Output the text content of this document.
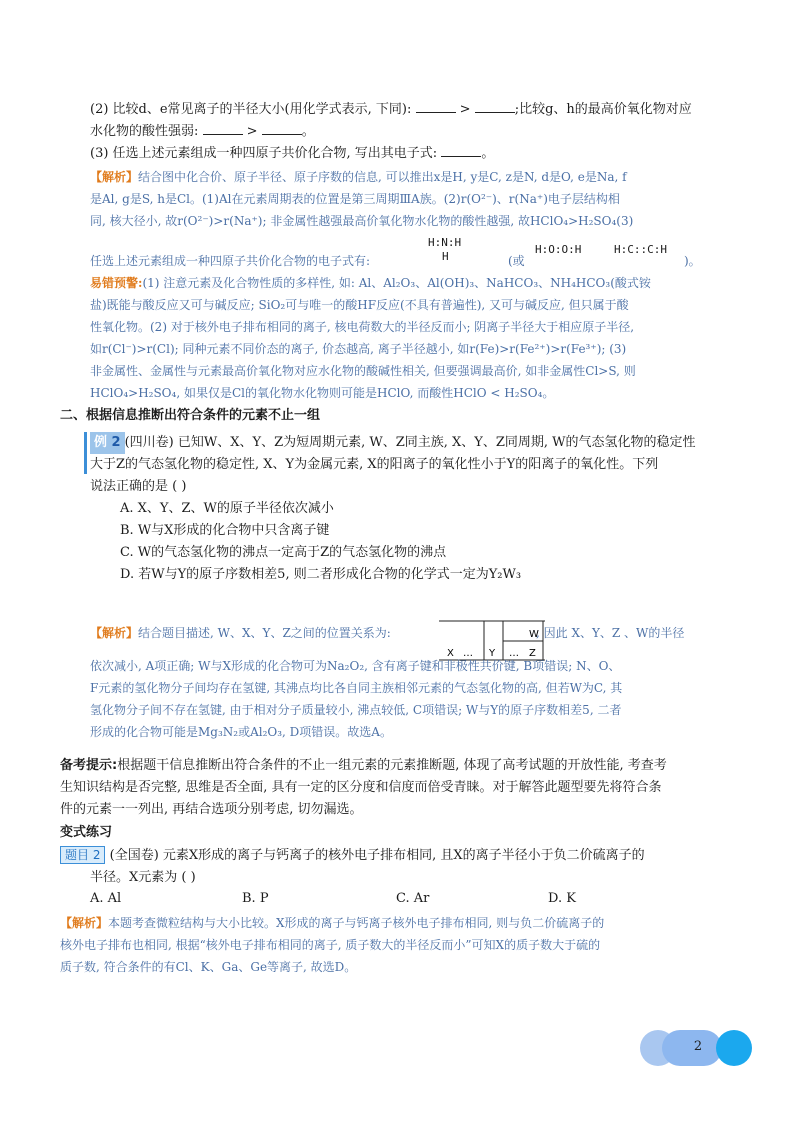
(2) 比较d、e常见离子的半径大小(用化学式表示, 下同):	>	;比较g、h的最高价氧化物对应

水化物的酸性强弱:	>	。

(3) 任选上述元素组成一种四原子共价化合物, 写出其电子式:	。

【解析】结合图中化合价、原子半径、原子序数的信息, 可以推出x是H, y是C, z是N, d是O, e是Na, f
是Al, g是S, h是Cl。(1)Al在元素周期表的位置是第三周期ⅢA族。(2)r(O²⁻)、r(Na⁺)电子层结构相
同, 核大径小, 故r(O²⁻)>r(Na⁺); 非金属性越强最高价氧化物水化物的酸性越强, 故HClO₄>H₂SO₄(3)
H:N:H
H
任选上述元素组成一种四原子共价化合物的电子式有:	(或
H:O:O:H	H:C::C:H
)。
易错预警:(1) 注意元素及化合物性质的多样性, 如: Al、Al₂O₃、Al(OH)₃、NaHCO₃、NH₄HCO₃(酸式铵
盐)既能与酸反应又可与碱反应; SiO₂可与唯一的酸HF反应(不具有普遍性), 又可与碱反应, 但只属于酸
性氧化物。(2) 对于核外电子排布相同的离子, 核电荷数大的半径反而小; 阴离子半径大于相应原子半径,
如r(Cl⁻)>r(Cl); 同种元素不同价态的离子, 价态越高, 离子半径越小, 如r(Fe)>r(Fe²⁺)>r(Fe³⁺); (3)
非金属性、金属性与元素最高价氧化物对应水化物的酸碱性相关, 但要强调最高价, 如非金属性Cl>S, 则
HClO₄>H₂SO₄, 如果仅是Cl的氧化物水化物则可能是HClO, 而酸性HClO < H₂SO₄。
二、根据信息推断出符合条件的元素不止一组
例 2 (四川卷) 已知W、X、Y、Z为短周期元素, W、Z同主族, X、Y、Z同周期, W的气态氢化物的稳定性
大于Z的气态氢化物的稳定性, X、Y为金属元素, X的阳离子的氧化性小于Y的阳离子的氧化性。下列
说法正确的是 ( )
A. X、Y、Z、W的原子半径依次减小
B. W与X形成的化合物中只含离子键
C. W的气态氢化物的沸点一定高于Z的气态氢化物的沸点
D. 若W与Y的原子序数相差5, 则二者形成化合物的化学式一定为Y₂W₃
【解析】结合题目描述, W、X、Y、Z之间的位置关系为:	, 因此 X、Y、Z 、W的半径
X … Y … Z
W
依次减小, A项正确; W与X形成的化合物可为Na₂O₂, 含有离子键和非极性共价键, B项错误; N、O、
F元素的氢化物分子间均存在氢键, 其沸点均比各自同主族相邻元素的气态氢化物的高, 但若W为C, 其
氢化物分子间不存在氢键, 由于相对分子质量较小, 沸点较低, C项错误; W与Y的原子序数相差5, 二者
形成的化合物可能是Mg₃N₂或Al₂O₃, D项错误。故选A。
备考提示:根据题干信息推断出符合条件的不止一组元素的元素推断题, 体现了高考试题的开放性能, 考查考
生知识结构是否完整, 思维是否全面, 具有一定的区分度和信度而倍受青睐。对于解答此题型要先将符合条
件的元素一一列出, 再结合选项分别考虑, 切勿漏选。
变式练习
题目 2 (全国卷) 元素X形成的离子与钙离子的核外电子排布相同, 且X的离子半径小于负二价硫离子的
半径。X元素为 ( )
A. Al	B. P	C. Ar	D. K
【解析】本题考查微粒结构与大小比较。X形成的离子与钙离子核外电子排布相同, 则与负二价硫离子的
核外电子排布也相同, 根据“核外电子排布相同的离子, 质子数大的半径反而小”可知X的质子数大于硫的
质子数, 符合条件的有Cl、K、Ga、Ge等离子, 故选D。
2
